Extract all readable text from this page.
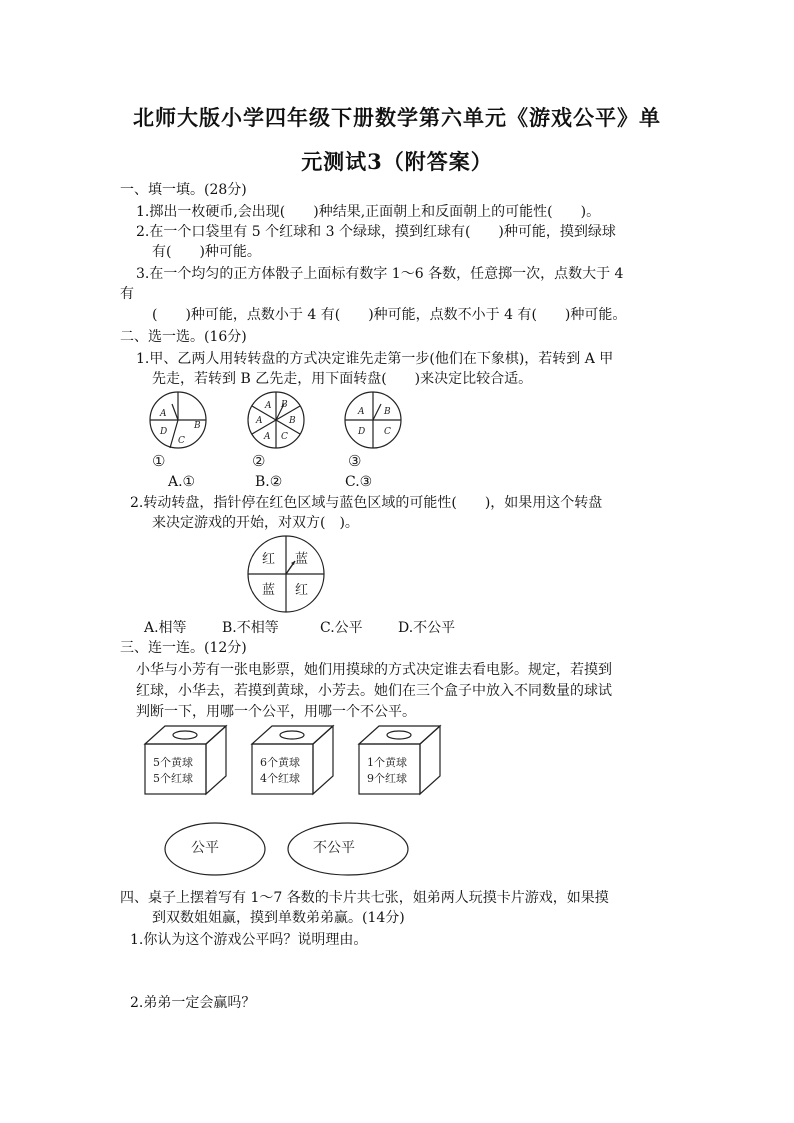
北师大版小学四年级下册数学第六单元《游戏公平》单
元测试3（附答案）
一、填一填。(28分)
1.掷出一枚硬币,会出现(　　)种结果,正面朝上和反面朝上的可能性(　　)。
2.在一个口袋里有 5 个红球和 3 个绿球，摸到红球有(　　)种可能，摸到绿球
有(　　)种可能。
3.在一个均匀的正方体骰子上面标有数字 1～6 各数，任意掷一次，点数大于 4
有
(　　)种可能，点数小于 4 有(　　)种可能，点数不小于 4 有(　　)种可能。
二、选一选。(16分)
1.甲、乙两人用转转盘的方式决定谁先走第一步(他们在下象棋)，若转到 A 甲
先走，若转到 B 乙先走，用下面转盘(　　)来决定比较合适。
A
B
C
D
A B
B
A
A C
A B
D C
①	②	③
A.①	B.②	C.③
2.转动转盘，指针停在红色区域与蓝色区域的可能性(　　)，如果用这个转盘
来决定游戏的开始，对双方(　)。
红 蓝
蓝 红
A.相等	B.不相等	C.公平	D.不公平
三、连一连。(12分)
小华与小芳有一张电影票，她们用摸球的方式决定谁去看电影。规定，若摸到
红球，小华去，若摸到黄球，小芳去。她们在三个盒子中放入不同数量的球试
判断一下，用哪一个公平，用哪一个不公平。
5个黄球
5个红球
6个黄球
4个红球
1个黄球
9个红球
公平	不公平
四、桌子上摆着写有 1～7 各数的卡片共七张，姐弟两人玩摸卡片游戏，如果摸
到双数姐姐赢，摸到单数弟弟赢。(14分)
1.你认为这个游戏公平吗？说明理由。
2.弟弟一定会赢吗？
